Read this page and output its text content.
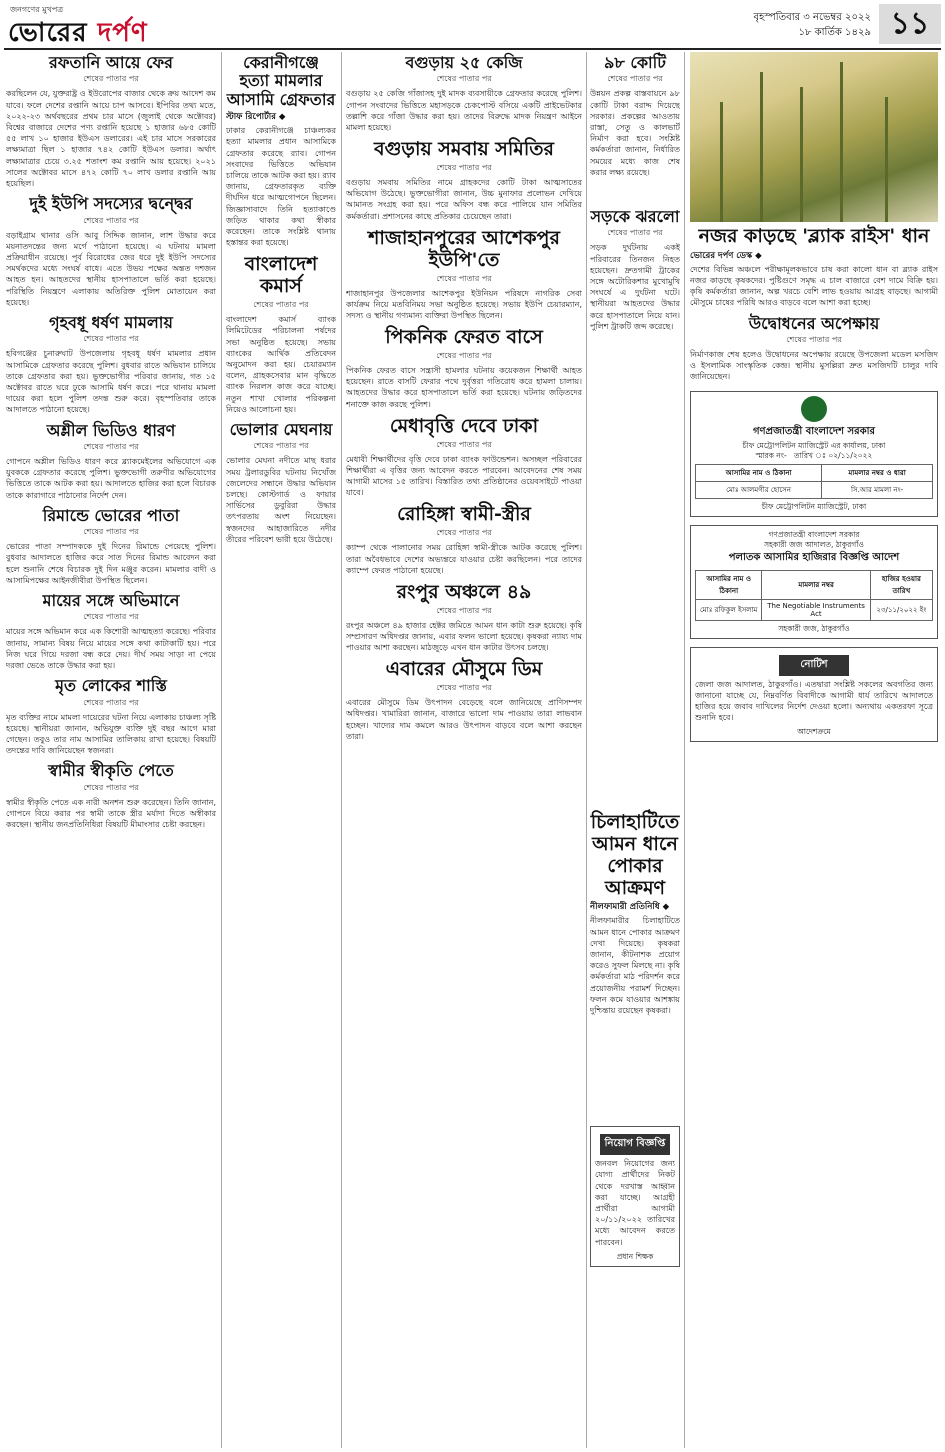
জনগণের মুখপত্র
ভোরের দর্পণ
বৃহস্পতিবার ৩ নভেম্বর ২০২২
১৮ কার্তিক ১৪২৯ ১১
রফতানি আয়ে ফের
শেষের পাতার পর
করছিলেন যে, যুক্তরাষ্ট্র ও ইউরোপের বাজার থেকে ক্রয় আদেশ কম যাবে। ফলে দেশের রপ্তানি আয়ে চাপ আসবে। ইপিবির তথ্য মতে, ২০২২-২৩ অর্থবছরের প্রথম চার মাসে (জুলাই থেকে অক্টোবর) বিশ্বের বাজারে দেশের পণ্য রপ্তানি হয়েছে ১ হাজার ৬৮৫ কোটি ৫৫ লাখ ১০ হাজার ইউএস ডলারের। এই চার মাসে সরকারের লক্ষ্যমাত্রা ছিল ১ হাজার ৭৪২ কোটি ইউএস ডলার। অর্থাৎ লক্ষ্যমাত্রার চেয়ে ৩.২৫ শতাংশ কম রপ্তানি আয় হয়েছে। ২০২১ সালের অক্টোবর মাসে ৪৭২ কোটি ৭০ লাখ ডলার রপ্তানি আয় হয়েছিল।
দুই ইউপি সদস্যের দ্বন্দ্বের
শেষের পাতার পর
বড়াইগ্রাম থানার ওসি আবু সিদ্দিক জানান, লাশ উদ্ধার করে ময়নাতদন্তের জন্য মর্গে পাঠানো হয়েছে। এ ঘটনায় মামলা প্রক্রিয়াধীন রয়েছে। পূর্ব বিরোধের জের ধরে দুই ইউপি সদস্যের সমর্থকদের মধ্যে সংঘর্ষ বাধে। এতে উভয় পক্ষের অন্তত দশজন আহত হন। আহতদের স্থানীয় হাসপাতালে ভর্তি করা হয়েছে। পরিস্থিতি নিয়ন্ত্রণে এলাকায় অতিরিক্ত পুলিশ মোতায়েন করা হয়েছে।
গৃহবধূ ধর্ষণ মামলায়
শেষের পাতার পর
হবিগঞ্জের চুনারুঘাট উপজেলায় গৃহবধূ ধর্ষণ মামলার প্রধান আসামিকে গ্রেফতার করেছে পুলিশ। বুধবার রাতে অভিযান চালিয়ে তাকে গ্রেফতার করা হয়। ভুক্তভোগীর পরিবার জানায়, গত ১৫ অক্টোবর রাতে ঘরে ঢুকে আসামি ধর্ষণ করে। পরে থানায় মামলা দায়ের করা হলে পুলিশ তদন্ত শুরু করে। বৃহস্পতিবার তাকে আদালতে পাঠানো হয়েছে।
অশ্লীল ভিডিও ধারণ
শেষের পাতার পর
গোপনে অশ্লীল ভিডিও ধারণ করে ব্ল্যাকমেইলের অভিযোগে এক যুবককে গ্রেফতার করেছে পুলিশ। ভুক্তভোগী তরুণীর অভিযোগের ভিত্তিতে তাকে আটক করা হয়। আদালতে হাজির করা হলে বিচারক তাকে কারাগারে পাঠানোর নির্দেশ দেন।
রিমান্ডে ভোরের পাতা
শেষের পাতার পর
ভোরের পাতা সম্পাদককে দুই দিনের রিমান্ডে পেয়েছে পুলিশ। বুধবার আদালতে হাজির করে সাত দিনের রিমান্ড আবেদন করা হলে শুনানি শেষে বিচারক দুই দিন মঞ্জুর করেন। মামলার বাদী ও আসামিপক্ষের আইনজীবীরা উপস্থিত ছিলেন।
মায়ের সঙ্গে অভিমানে
শেষের পাতার পর
মায়ের সঙ্গে অভিমান করে এক কিশোরী আত্মহত্যা করেছে। পরিবার জানায়, সামান্য বিষয় নিয়ে মায়ের সঙ্গে কথা কাটাকাটি হয়। পরে নিজ ঘরে গিয়ে দরজা বন্ধ করে দেয়। দীর্ঘ সময় সাড়া না পেয়ে দরজা ভেঙে তাকে উদ্ধার করা হয়।
মৃত লোকের শাস্তি
শেষের পাতার পর
মৃত ব্যক্তির নামে মামলা দায়েরের ঘটনা নিয়ে এলাকায় চাঞ্চল্য সৃষ্টি হয়েছে। স্থানীয়রা জানান, অভিযুক্ত ব্যক্তি দুই বছর আগে মারা গেছেন। তবুও তার নাম আসামির তালিকায় রাখা হয়েছে। বিষয়টি তদন্তের দাবি জানিয়েছেন স্বজনরা।
স্বামীর স্বীকৃতি পেতে
শেষের পাতার পর
স্বামীর স্বীকৃতি পেতে এক নারী অনশন শুরু করেছেন। তিনি জানান, গোপনে বিয়ে করার পর স্বামী তাকে স্ত্রীর মর্যাদা দিতে অস্বীকার করছেন। স্থানীয় জনপ্রতিনিধিরা বিষয়টি মীমাংসার চেষ্টা করছেন।
কেরানীগঞ্জে হত্যা মামলার আসামি গ্রেফতার
স্টাফ রিপোর্টার ◆
ঢাকার কেরানীগঞ্জে চাঞ্চল্যকর হত্যা মামলার প্রধান আসামিকে গ্রেফতার করেছে র‌্যাব। গোপন সংবাদের ভিত্তিতে অভিযান চালিয়ে তাকে আটক করা হয়। র‌্যাব জানায়, গ্রেফতারকৃত ব্যক্তি দীর্ঘদিন ধরে আত্মগোপনে ছিলেন। জিজ্ঞাসাবাদে তিনি হত্যাকাণ্ডে জড়িত থাকার কথা স্বীকার করেছেন। তাকে সংশ্লিষ্ট থানায় হস্তান্তর করা হয়েছে।
বাংলাদেশ কমার্স
শেষের পাতার পর
বাংলাদেশ কমার্স ব্যাংক লিমিটেডের পরিচালনা পর্ষদের সভা অনুষ্ঠিত হয়েছে। সভায় ব্যাংকের আর্থিক প্রতিবেদন অনুমোদন করা হয়। চেয়ারম্যান বলেন, গ্রাহকসেবার মান বৃদ্ধিতে ব্যাংক নিরলস কাজ করে যাচ্ছে। নতুন শাখা খোলার পরিকল্পনা নিয়েও আলোচনা হয়।
ভোলার মেঘনায়
শেষের পাতার পর
ভোলার মেঘনা নদীতে মাছ ধরার সময় ট্রলারডুবির ঘটনায় নিখোঁজ জেলেদের সন্ধানে উদ্ধার অভিযান চলছে। কোস্টগার্ড ও ফায়ার সার্ভিসের ডুবুরিরা উদ্ধার তৎপরতায় অংশ নিয়েছেন। স্বজনদের আহাজারিতে নদীর তীরের পরিবেশ ভারী হয়ে উঠেছে।
বগুড়ায় ২৫ কেজি
শেষের পাতার পর
বগুড়ায় ২৫ কেজি গাঁজাসহ দুই মাদক ব্যবসায়ীকে গ্রেফতার করেছে পুলিশ। গোপন সংবাদের ভিত্তিতে মহাসড়কে চেকপোস্ট বসিয়ে একটি প্রাইভেটকার তল্লাশি করে গাঁজা উদ্ধার করা হয়। তাদের বিরুদ্ধে মাদক নিয়ন্ত্রণ আইনে মামলা হয়েছে।
বগুড়ায় সমবায় সমিতির
শেষের পাতার পর
বগুড়ায় সমবায় সমিতির নামে গ্রাহকদের কোটি টাকা আত্মসাতের অভিযোগ উঠেছে। ভুক্তভোগীরা জানান, উচ্চ মুনাফার প্রলোভন দেখিয়ে আমানত সংগ্রহ করা হয়। পরে অফিস বন্ধ করে পালিয়ে যান সমিতির কর্মকর্তারা। প্রশাসনের কাছে প্রতিকার চেয়েছেন তারা।
শাজাহানপুরের আশেকপুর ইউপি'তে
শেষের পাতার পর
শাজাহানপুর উপজেলার আশেকপুর ইউনিয়ন পরিষদে নাগরিক সেবা কার্যক্রম নিয়ে মতবিনিময় সভা অনুষ্ঠিত হয়েছে। সভায় ইউপি চেয়ারম্যান, সদস্য ও স্থানীয় গণ্যমান্য ব্যক্তিরা উপস্থিত ছিলেন।
পিকনিক ফেরত বাসে
শেষের পাতার পর
পিকনিক ফেরত বাসে সন্ত্রাসী হামলার ঘটনায় কয়েকজন শিক্ষার্থী আহত হয়েছেন। রাতে বাসটি ফেরার পথে দুর্বৃত্তরা গতিরোধ করে হামলা চালায়। আহতদের উদ্ধার করে হাসপাতালে ভর্তি করা হয়েছে। ঘটনায় জড়িতদের শনাক্তে কাজ করছে পুলিশ।
মেধাবৃত্তি দেবে ঢাকা
শেষের পাতার পর
মেধাবী শিক্ষার্থীদের বৃত্তি দেবে ঢাকা ব্যাংক ফাউন্ডেশন। অসচ্ছল পরিবারের শিক্ষার্থীরা এ বৃত্তির জন্য আবেদন করতে পারবেন। আবেদনের শেষ সময় আগামী মাসের ১৫ তারিখ। বিস্তারিত তথ্য প্রতিষ্ঠানের ওয়েবসাইটে পাওয়া যাবে।
রোহিঙ্গা স্বামী-স্ত্রীর
শেষের পাতার পর
ক্যাম্প থেকে পালানোর সময় রোহিঙ্গা স্বামী-স্ত্রীকে আটক করেছে পুলিশ। তারা অবৈধভাবে দেশের অভ্যন্তরে যাওয়ার চেষ্টা করছিলেন। পরে তাদের ক্যাম্পে ফেরত পাঠানো হয়েছে।
রংপুর অঞ্চলে ৪৯
শেষের পাতার পর
রংপুর অঞ্চলে ৪৯ হাজার হেক্টর জমিতে আমন ধান কাটা শুরু হয়েছে। কৃষি সম্প্রসারণ অধিদপ্তর জানায়, এবার ফলন ভালো হয়েছে। কৃষকরা ন্যায্য দাম পাওয়ার আশা করছেন। মাঠজুড়ে এখন ধান কাটার উৎসব চলছে।
এবারের মৌসুমে ডিম
শেষের পাতার পর
এবারের মৌসুমে ডিম উৎপাদন বেড়েছে বলে জানিয়েছে প্রাণিসম্পদ অধিদপ্তর। খামারিরা জানান, বাজারে ভালো দাম পাওয়ায় তারা লাভবান হচ্ছেন। খাদ্যের দাম কমলে আরও উৎপাদন বাড়বে বলে আশা করছেন তারা।
৯৮ কোটি
শেষের পাতার পর
উন্নয়ন প্রকল্প বাস্তবায়নে ৯৮ কোটি টাকা বরাদ্দ দিয়েছে সরকার। প্রকল্পের আওতায় রাস্তা, সেতু ও কালভার্ট নির্মাণ করা হবে। সংশ্লিষ্ট কর্মকর্তারা জানান, নির্ধারিত সময়ের মধ্যে কাজ শেষ করার লক্ষ্য রয়েছে।
সড়কে ঝরলো
শেষের পাতার পর
সড়ক দুর্ঘটনায় একই পরিবারের তিনজন নিহত হয়েছেন। দ্রুতগামী ট্রাকের সঙ্গে অটোরিকশার মুখোমুখি সংঘর্ষে এ দুর্ঘটনা ঘটে। স্থানীয়রা আহতদের উদ্ধার করে হাসপাতালে নিয়ে যান। পুলিশ ট্রাকটি জব্দ করেছে।
চিলাহাটিতে আমন ধানে পোকার আক্রমণ
নীলফামারী প্রতিনিধি ◆
নীলফামারীর চিলাহাটিতে আমন ধানে পোকার আক্রমণ দেখা দিয়েছে। কৃষকরা জানান, কীটনাশক প্রয়োগ করেও সুফল মিলছে না। কৃষি কর্মকর্তারা মাঠ পরিদর্শন করে প্রয়োজনীয় পরামর্শ দিচ্ছেন। ফলন কমে যাওয়ার আশঙ্কায় দুশ্চিন্তায় রয়েছেন কৃষকরা।
নিয়োগ বিজ্ঞপ্তি
জনবল নিয়োগের জন্য যোগ্য প্রার্থীদের নিকট থেকে দরখাস্ত আহ্বান করা যাচ্ছে। আগ্রহী প্রার্থীরা আগামী ২০/১১/২০২২ তারিখের মধ্যে আবেদন করতে পারবেন।
প্রধান শিক্ষক
নজর কাড়ছে 'ব্ল্যাক রাইস' ধান
ভোরের দর্পণ ডেস্ক ◆
দেশের বিভিন্ন অঞ্চলে পরীক্ষামূলকভাবে চাষ করা কালো ধান বা ব্ল্যাক রাইস নজর কাড়ছে কৃষকদের। পুষ্টিগুণে সমৃদ্ধ এ চাল বাজারে বেশ দামে বিক্রি হয়। কৃষি কর্মকর্তারা জানান, অল্প খরচে বেশি লাভ হওয়ায় আগ্রহ বাড়ছে। আগামী মৌসুমে চাষের পরিধি আরও বাড়বে বলে আশা করা হচ্ছে।
উদ্বোধনের অপেক্ষায়
শেষের পাতার পর
নির্মাণকাজ শেষ হলেও উদ্বোধনের অপেক্ষায় রয়েছে উপজেলা মডেল মসজিদ ও ইসলামিক সাংস্কৃতিক কেন্দ্র। স্থানীয় মুসল্লিরা দ্রুত মসজিদটি চালুর দাবি জানিয়েছেন।
গণপ্রজাতন্ত্রী বাংলাদেশ সরকার
চীফ মেট্রোপলিটন ম্যাজিস্ট্রেট এর কার্যালয়, ঢাকা
স্মারক নং- তারিখ ঃ ০২/১১/২০২২
আসামির নাম ও ঠিকানা	মামলার নম্বর ও ধারা
মোঃ আলমগীর হোসেন	সি.আর মামলা নং-
চীফ মেট্রোপলিটন ম্যাজিস্ট্রেট, ঢাকা
গণপ্রজাতন্ত্রী বাংলাদেশ সরকার
সহকারী জজ আদালত, ঠাকুরগাঁও
পলাতক আসামির হাজিরার বিজ্ঞপ্তি আদেশ
আসামির নাম ও ঠিকানা	মামলার নম্বর	হাজির হওয়ার তারিখ
মোঃ রফিকুল ইসলাম	The Negotiable Instruments Act	২৩/১১/২০২২ ইং
সহকারী জজ, ঠাকুরগাঁও
নোটিশ
জেলা জজ আদালত, ঠাকুরগাঁও। এতদ্বারা সংশ্লিষ্ট সকলের অবগতির জন্য জানানো যাচ্ছে যে, নিম্নবর্ণিত বিবাদীকে আগামী ধার্য তারিখে আদালতে হাজির হয়ে জবাব দাখিলের নির্দেশ দেওয়া হলো। অন্যথায় একতরফা সূত্রে শুনানি হবে।
আদেশক্রমে
